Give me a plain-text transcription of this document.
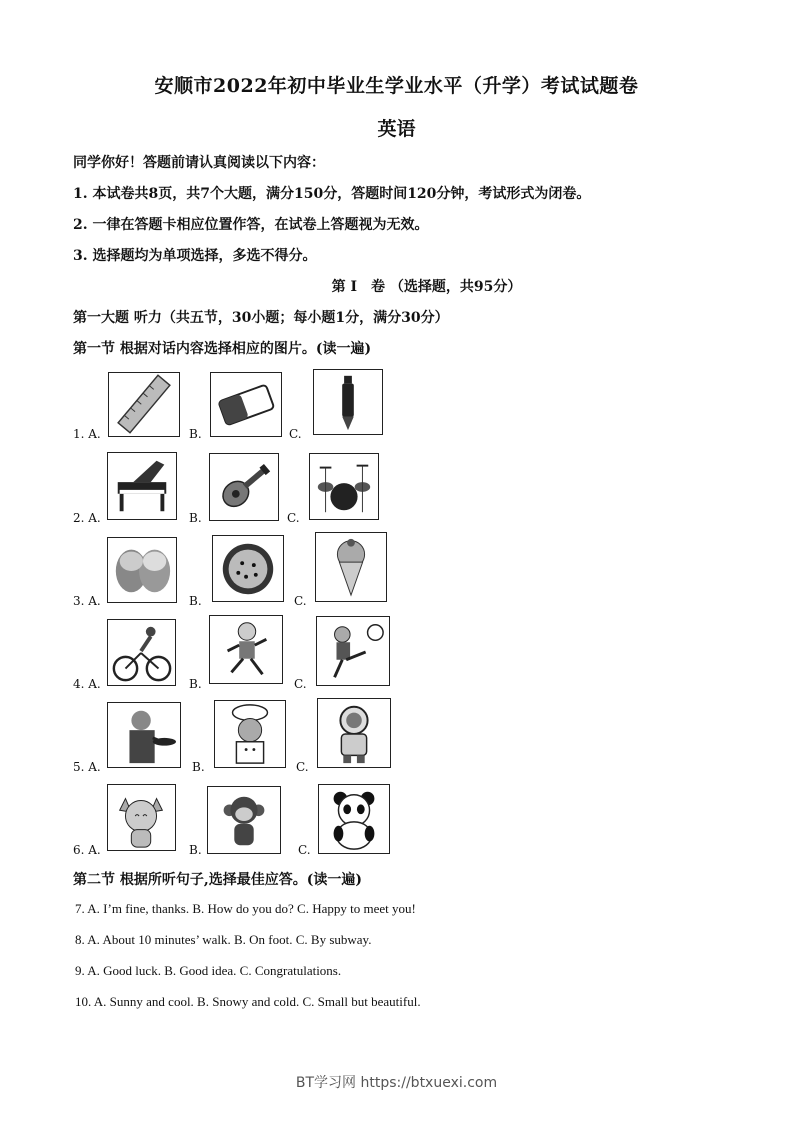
安顺市2022年初中毕业生学业水平（升学）考试试题卷
英语
同学你好！答题前请认真阅读以下内容：
1. 本试卷共8页，共7个大题，满分150分，答题时间120分钟，考试形式为闭卷。
2. 一律在答题卡相应位置作答，在试卷上答题视为无效。
3. 选择题均为单项选择，多选不得分。
第 I　卷 （选择题，共95分）
第一大题 听力（共五节，30小题；每小题1分，满分30分）
第一节 根据对话内容选择相应的图片。(读一遍)
1. A.	B.	C.
2. A.	B.	C.
3. A.	B.	C.
4. A.	B.	C.
5. A.	B.	C.
6. A.	B.	C.
第二节 根据所听句子,选择最佳应答。(读一遍)
7. A. I’m fine, thanks. B. How do you do? C. Happy to meet you!
8. A. About 10 minutes’ walk. B. On foot. C. By subway.
9. A. Good luck. B. Good idea. C. Congratulations.
10. A. Sunny and cool. B. Snowy and cold. C. Small but beautiful.
BT学习网 https://btxuexi.com
